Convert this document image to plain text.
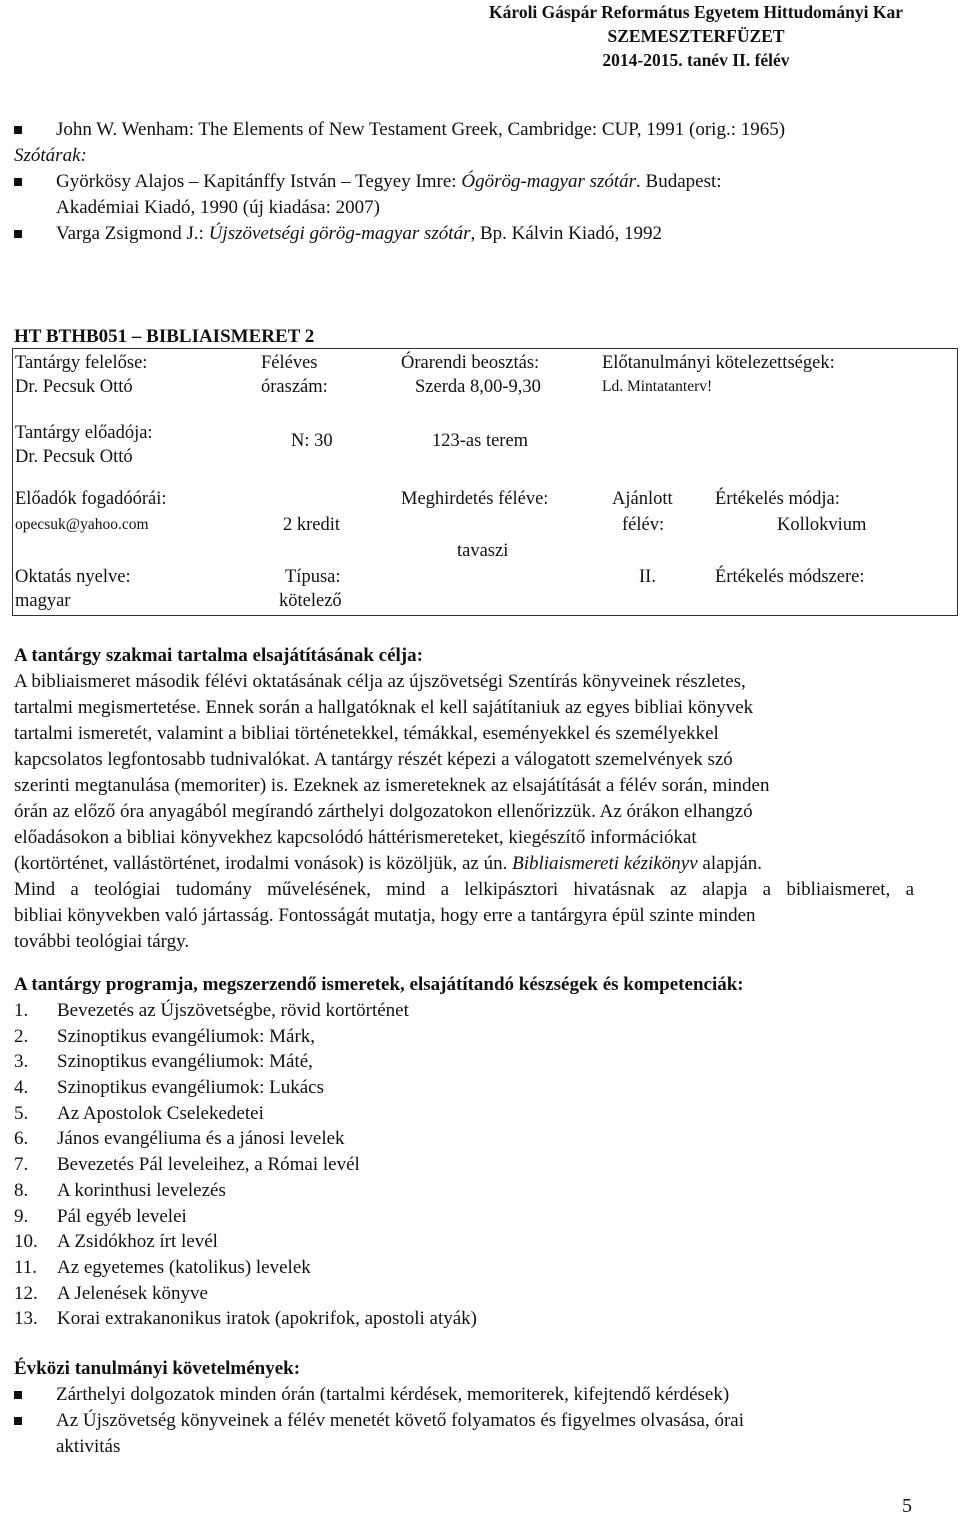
Károli Gáspár Református Egyetem Hittudományi Kar
SZEMESZTERFÜZET
2014-2015. tanév II. félév
John W. Wenham: The Elements of New Testament Greek, Cambridge: CUP, 1991 (orig.: 1965)
Szótárak:
Györkösy Alajos – Kapitánffy István – Tegyey Imre: Ógörög-magyar szótár. Budapest:
Akadémiai Kiadó, 1990 (új kiadása: 2007)
Varga Zsigmond J.: Újszövetségi görög-magyar szótár, Bp. Kálvin Kiadó, 1992
HT BTHB051 – BIBLIAISMERET 2
Tantárgy felelőse:
Dr. Pecsuk Ottó
Féléves
óraszám:
Órarendi beosztás:
Szerda 8,00-9,30
Előtanulmányi kötelezettségek:
Ld. Mintatanterv!
Tantárgy előadója:
Dr. Pecsuk Ottó
N: 30	123-as terem
Előadók fogadóórái:
opecsuk@yahoo.com	2 kredit
Meghirdetés féléve:
tavaszi
Ajánlott
félév:
II.
Értékelés módja:
Kollokvium
Oktatás nyelve:
magyar
Típusa:
kötelező
Értékelés módszere:
A tantárgy szakmai tartalma elsajátításának célja:
A bibliaismeret második félévi oktatásának célja az újszövetségi Szentírás könyveinek részletes,
tartalmi megismertetése. Ennek során a hallgatóknak el kell sajátítaniuk az egyes bibliai könyvek
tartalmi ismeretét, valamint a bibliai történetekkel, témákkal, eseményekkel és személyekkel
kapcsolatos legfontosabb tudnivalókat. A tantárgy részét képezi a válogatott szemelvények szó
szerinti megtanulása (memoriter) is. Ezeknek az ismereteknek az elsajátítását a félév során, minden
órán az előző óra anyagából megírandó zárthelyi dolgozatokon ellenőrizzük. Az órákon elhangzó
előadásokon a bibliai könyvekhez kapcsolódó háttérismereteket, kiegészítő információkat
(kortörténet, vallástörténet, irodalmi vonások) is közöljük, az ún. Bibliaismereti kézikönyv alapján.
Mind a teológiai tudomány művelésének, mind a lelkipásztori hivatásnak az alapja a bibliaismeret, a
bibliai könyvekben való jártasság. Fontosságát mutatja, hogy erre a tantárgyra épül szinte minden
további teológiai tárgy.
A tantárgy programja, megszerzendő ismeretek, elsajátítandó készségek és kompetenciák:
1. Bevezetés az Újszövetségbe, rövid kortörténet
2. Szinoptikus evangéliumok: Márk,
3. Szinoptikus evangéliumok: Máté,
4. Szinoptikus evangéliumok: Lukács
5. Az Apostolok Cselekedetei
6. János evangéliuma és a jánosi levelek
7. Bevezetés Pál leveleihez, a Római levél
8. A korinthusi levelezés
9. Pál egyéb levelei
10. A Zsidókhoz írt levél
11. Az egyetemes (katolikus) levelek
12. A Jelenések könyve
13. Korai extrakanonikus iratok (apokrifok, apostoli atyák)
Évközi tanulmányi követelmények:
Zárthelyi dolgozatok minden órán (tartalmi kérdések, memoriterek, kifejtendő kérdések)
Az Újszövetség könyveinek a félév menetét követő folyamatos és figyelmes olvasása, órai
aktivitás
5
